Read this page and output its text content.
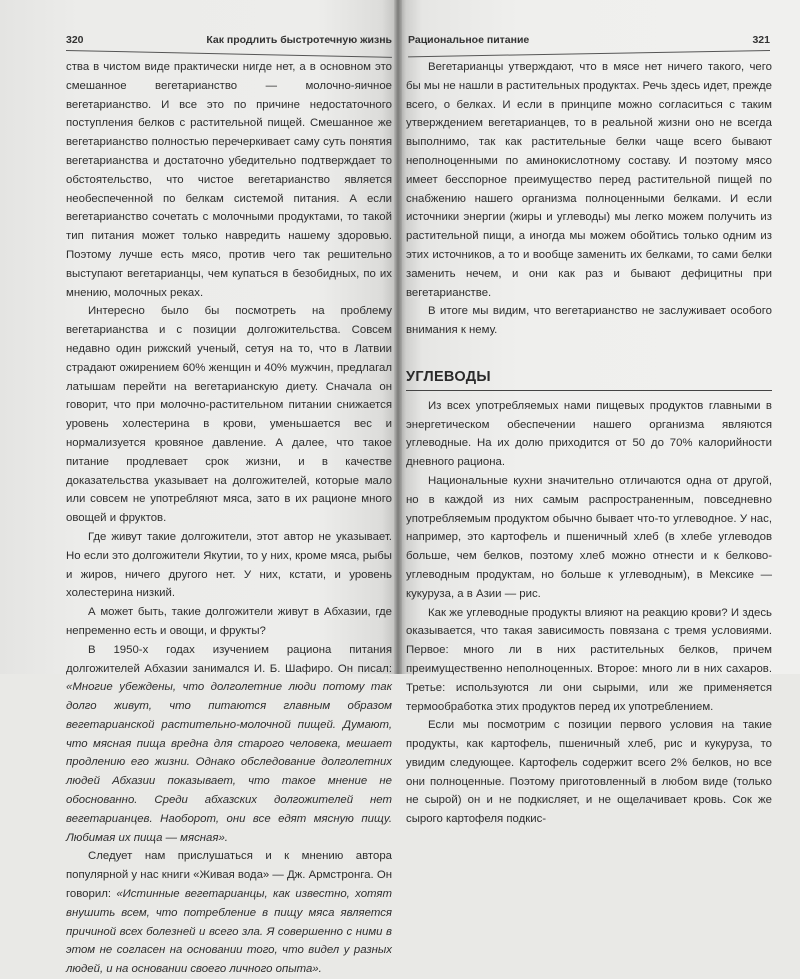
320	Как продлить быстротечную жизнь

ства в чистом виде практически нигде нет, а в основном это смешанное вегетарианство — молочно-яичное вегетарианство. И все это по причине недостаточного поступления белков с растительной пищей. Смешанное же вегетарианство полностью перечеркивает саму суть понятия вегетарианства и достаточно убедительно подтверждает то обстоятельство, что чистое вегетарианство является необеспеченной по белкам системой питания. А если вегетарианство сочетать с молочными продуктами, то такой тип питания может только навредить нашему здоровью. Поэтому лучше есть мясо, против чего так решительно выступают вегетарианцы, чем купаться в безобидных, по их мнению, молочных реках.

Интересно было бы посмотреть на проблему вегетарианства и с позиции долгожительства. Совсем недавно один рижский ученый, сетуя на то, что в Латвии страдают ожирением 60% женщин и 40% мужчин, предлагал латышам перейти на вегетарианскую диету. Сначала он говорит, что при молочно-растительном питании снижается уровень холестерина в крови, уменьшается вес и нормализуется кровяное давление. А далее, что такое питание продлевает срок жизни, и в качестве доказательства указывает на долгожителей, которые мало или совсем не употребляют мяса, зато в их рационе много овощей и фруктов.

Где живут такие долгожители, этот автор не указывает. Но если это долгожители Якутии, то у них, кроме мяса, рыбы и жиров, ничего другого нет. У них, кстати, и уровень холестерина низкий.

А может быть, такие долгожители живут в Абхазии, где непременно есть и овощи, и фрукты?

В 1950-х годах изучением рациона питания долгожителей Абхазии занимался И. Б. Шафиро. Он писал: «Многие убеждены, что долголетние люди потому так долго живут, что питаются главным образом вегетарианской растительно-молочной пищей. Думают, что мясная пища вредна для старого человека, мешает продлению его жизни. Однако обследование долголетних людей Абхазии показывает, что такое мнение не обоснованно. Среди абхазских долгожителей нет вегетарианцев. Наоборот, они все едят мясную пищу. Любимая их пища — мясная».

Следует нам прислушаться и к мнению автора популярной у нас книги «Живая вода» — Дж. Армстронга. Он говорил: «Истинные вегетарианцы, как известно, хотят внушить всем, что потребление в пищу мяса является причиной всех болезней и всего зла. Я совершенно с ними в этом не согласен на основании того, что видел у разных людей, и на основании своего личного опыта».

Рациональное питание	321

Вегетарианцы утверждают, что в мясе нет ничего такого, чего бы мы не нашли в растительных продуктах. Речь здесь идет, прежде всего, о белках. И если в принципе можно согласиться с таким утверждением вегетарианцев, то в реальной жизни оно не всегда выполнимо, так как растительные белки чаще всего бывают неполноценными по аминокислотному составу. И поэтому мясо имеет бесспорное преимущество перед растительной пищей по снабжению нашего организма полноценными белками. И если источники энергии (жиры и углеводы) мы легко можем получить из растительной пищи, а иногда мы можем обойтись только одним из этих источников, а то и вообще заменить их белками, то сами белки заменить нечем, и они как раз и бывают дефицитны при вегетарианстве.

В итоге мы видим, что вегетарианство не заслуживает особого внимания к нему.

УГЛЕВОДЫ

Из всех употребляемых нами пищевых продуктов главными в энергетическом обеспечении нашего организма являются углеводные. На их долю приходится от 50 до 70% калорийности дневного рациона.

Национальные кухни значительно отличаются одна от другой, но в каждой из них самым распространенным, повседневно употребляемым продуктом обычно бывает что-то углеводное. У нас, например, это картофель и пшеничный хлеб (в хлебе углеводов больше, чем белков, поэтому хлеб можно отнести и к белково-углеводным продуктам, но больше к углеводным), в Мексике — кукуруза, а в Азии — рис.

Как же углеводные продукты влияют на реакцию крови? И здесь оказывается, что такая зависимость повязана с тремя условиями. Первое: много ли в них растительных белков, причем преимущественно неполноценных. Второе: много ли в них сахаров. Третье: используются ли они сырыми, или же применяется термообработка этих продуктов перед их употреблением.

Если мы посмотрим с позиции первого условия на такие продукты, как картофель, пшеничный хлеб, рис и кукуруза, то увидим следующее. Картофель содержит всего 2% белков, но все они полноценные. Поэтому приготовленный в любом виде (только не сырой) он и не подкисляет, и не ощелачивает кровь. Сок же сырого картофеля подкис-
